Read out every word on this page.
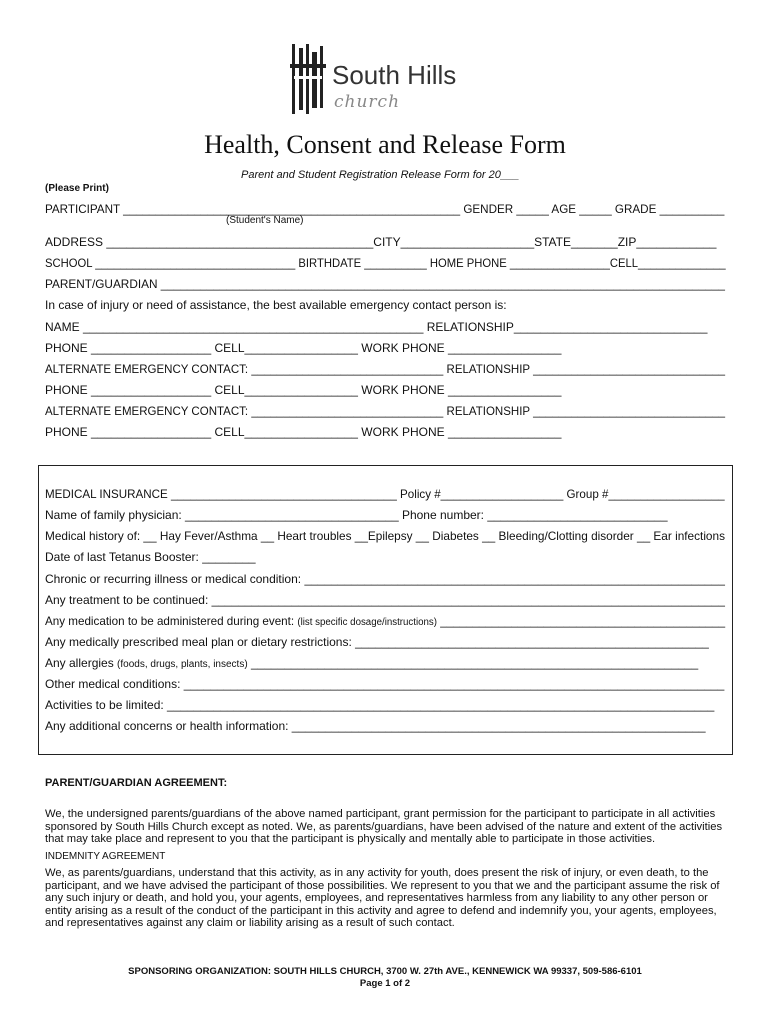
South Hills
church
Health, Consent and Release Form
Parent and Student Registration Release Form for 20___
(Please Print)
PARTICIPANT ____________________________________________________ GENDER _____ AGE _____ GRADE __________
(Student's Name)
ADDRESS ________________________________________CITY____________________STATE_______ZIP____________
SCHOOL ________________________________ BIRTHDATE __________ HOME PHONE ________________CELL______________
PARENT/GUARDIAN ______________________________________________________________________________________
In case of injury or need of assistance, the best available emergency contact person is:
NAME ___________________________________________________ RELATIONSHIP_____________________________
PHONE __________________ CELL_________________ WORK PHONE _________________
ALTERNATE EMERGENCY CONTACT: ______________________________ RELATIONSHIP ______________________________
PHONE __________________ CELL_________________ WORK PHONE _________________
ALTERNATE EMERGENCY CONTACT: ______________________________ RELATIONSHIP ______________________________
PHONE __________________ CELL_________________ WORK PHONE _________________
MEDICAL INSURANCE ___________________________________ Policy #___________________ Group #__________________
Name of family physician: ________________________________ Phone number: ___________________________
Medical history of: __ Hay Fever/Asthma __ Heart troubles __Epilepsy __ Diabetes __ Bleeding/Clotting disorder __ Ear infections
Date of last Tetanus Booster: ________
Chronic or recurring illness or medical condition: _______________________________________________________________
Any treatment to be continued: _____________________________________________________________________________
Any medication to be administered during event: (list specific dosage/instructions) ____________________________________________
Any medically prescribed meal plan or dietary restrictions: _____________________________________________________
Any allergies (foods, drugs, plants, insects) ___________________________________________________________________
Other medical conditions: _________________________________________________________________________________
Activities to be limited: __________________________________________________________________________________
Any additional concerns or health information: ______________________________________________________________
PARENT/GUARDIAN AGREEMENT:
We, the undersigned parents/guardians of the above named participant, grant permission for the participant to participate in all activities sponsored by South Hills Church except as noted. We, as parents/guardians, have been advised of the nature and extent of the activities that may take place and represent to you that the participant is physically and mentally able to participate in those activities.
INDEMNITY AGREEMENT
We, as parents/guardians, understand that this activity, as in any activity for youth, does present the risk of injury, or even death, to the participant, and we have advised the participant of those possibilities. We represent to you that we and the participant assume the risk of any such injury or death, and hold you, your agents, employees, and representatives harmless from any liability to any other person or entity arising as a result of the conduct of the participant in this activity and agree to defend and indemnify you, your agents, employees, and representatives against any claim or liability arising as a result of such contact.
SPONSORING ORGANIZATION: SOUTH HILLS CHURCH, 3700 W. 27th AVE., KENNEWICK WA 99337, 509-586-6101
Page 1 of 2
